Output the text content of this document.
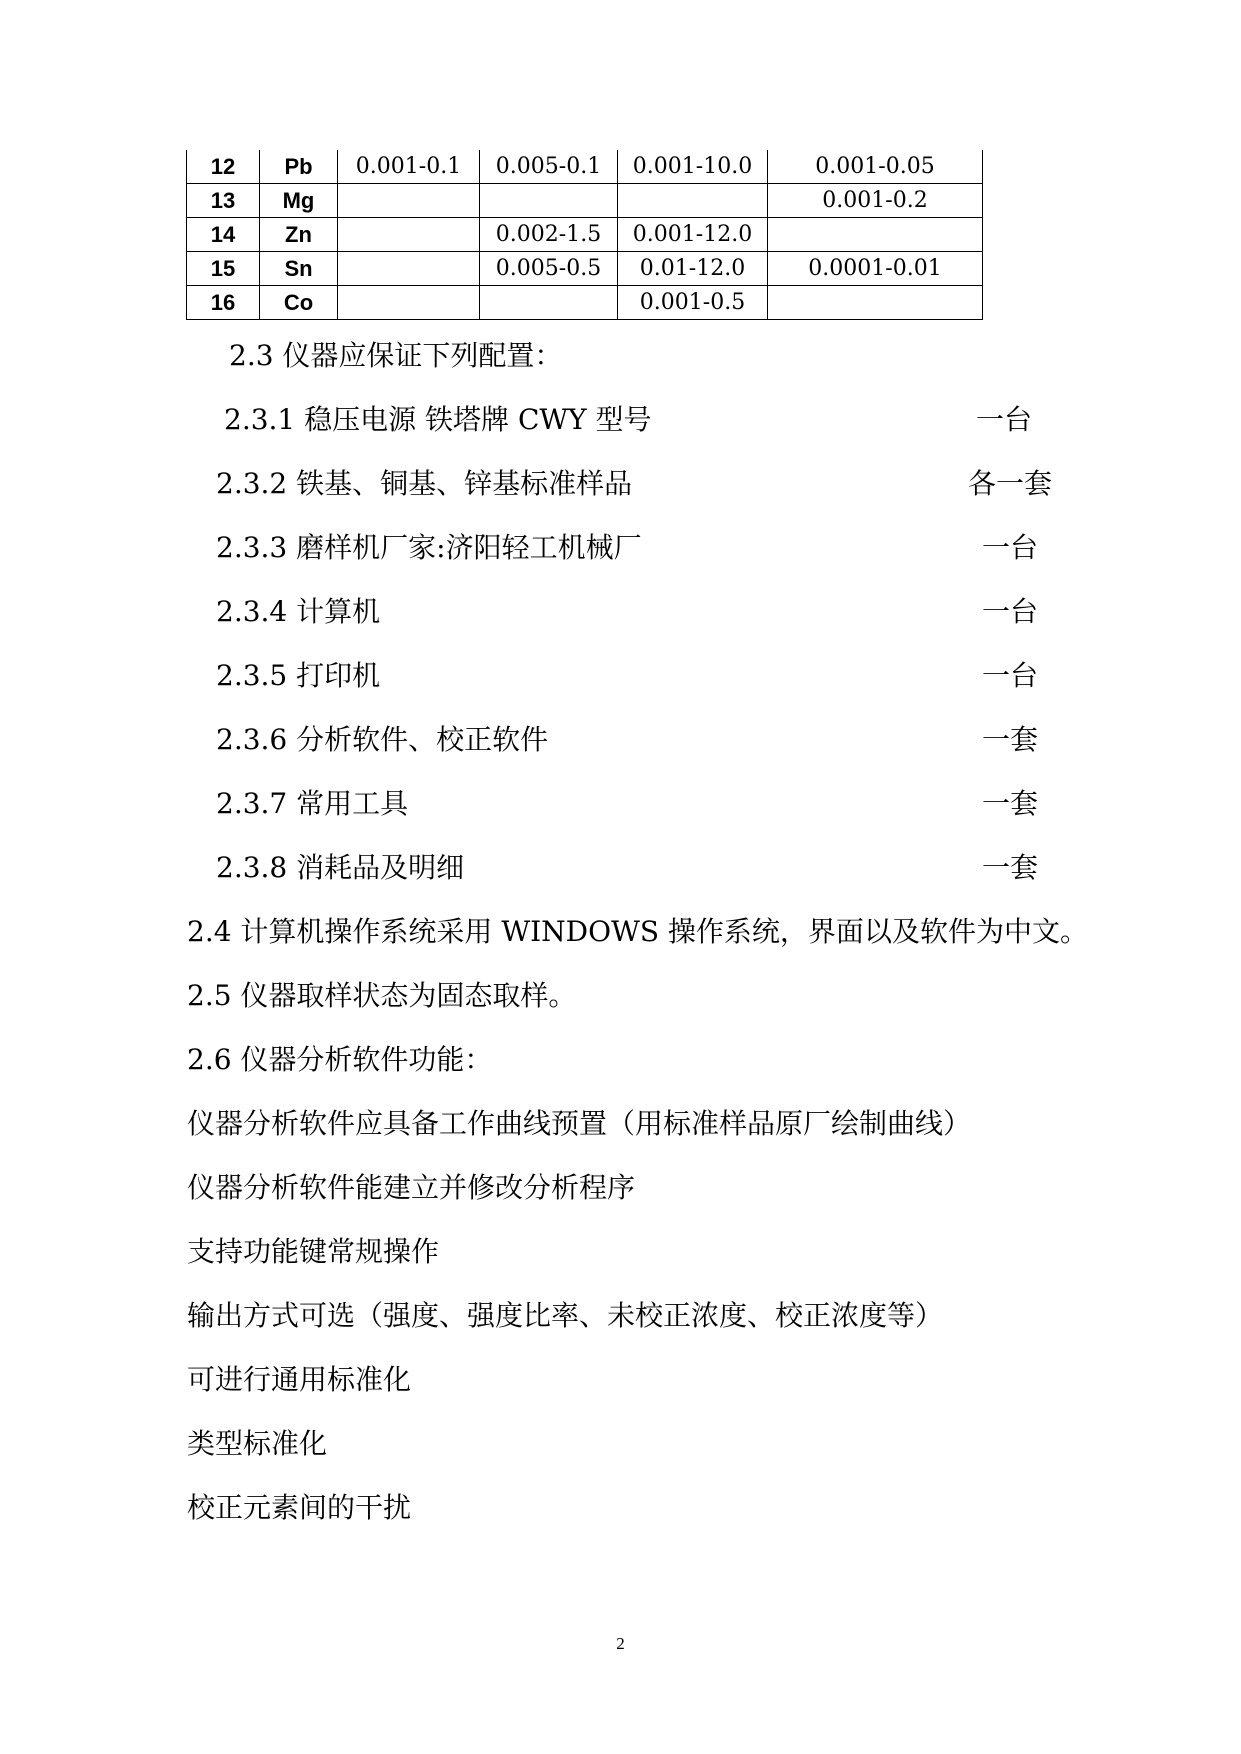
12	Pb	0.001-0.1	0.005-0.1	0.001-10.0	0.001-0.05
13	Mg				0.001-0.2
14	Zn		0.002-1.5	0.001-12.0	
15	Sn		0.005-0.5	0.01-12.0	0.0001-0.01
16	Co			0.001-0.5	
2.3 仪器应保证下列配置：
2.3.1 稳压电源 铁塔牌 CWY 型号	一台
2.3.2 铁基、铜基、锌基标准样品	各一套
2.3.3 磨样机厂家:济阳轻工机械厂	一台
2.3.4 计算机	一台
2.3.5 打印机	一台
2.3.6 分析软件、校正软件	一套
2.3.7 常用工具	一套
2.3.8 消耗品及明细	一套
2.4 计算机操作系统采用 WINDOWS 操作系统，界面以及软件为中文。
2.5 仪器取样状态为固态取样。
2.6 仪器分析软件功能：
仪器分析软件应具备工作曲线预置（用标准样品原厂绘制曲线）
仪器分析软件能建立并修改分析程序
支持功能键常规操作
输出方式可选（强度、强度比率、未校正浓度、校正浓度等）
可进行通用标准化
类型标准化
校正元素间的干扰
2
